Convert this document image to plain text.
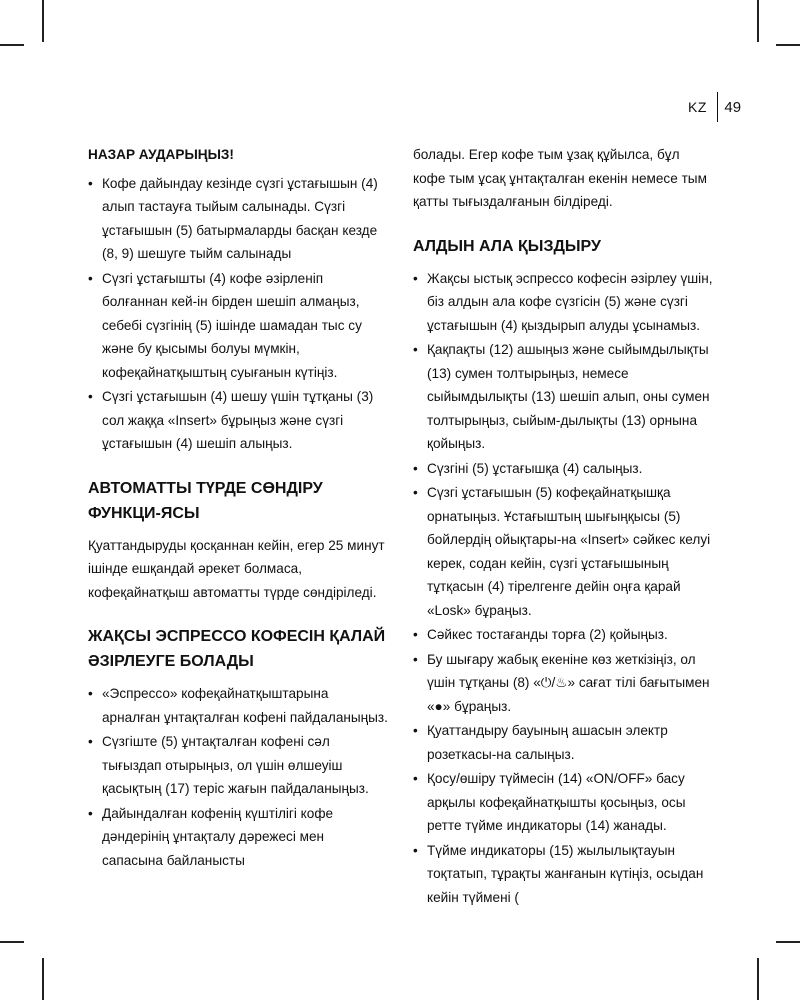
KZ 49
НАЗАР АУДАРЫҢЫЗ!
• Кофе дайындау кезінде сүзгі ұстағышын (4) алып тастауға тыйым салынады. Сүзгі ұстағышын (5) батырмаларды басқан кезде (8, 9) шешуге тыйм салынады
• Сүзгі ұстағышты (4) кофе әзірленіп болғаннан кей-ін бірден шешіп алмаңыз, себебі сүзгінің (5) ішінде шамадан тыс су және бу қысымы болуы мүмкін, кофеқайнатқыштың суығанын күтіңіз.
• Сүзгі ұстағышын (4) шешу үшін тұтқаны (3) сол жаққа «Insert» бұрыңыз және сүзгі ұстағышын (4) шешіп алыңыз.
АВТОМАТТЫ ТҮРДЕ СӨНДІРУ ФУНКЦИ-ЯСЫ

Қуаттандыруды қосқаннан кейін, егер 25 минут ішінде ешқандай әрекет болмаса, кофеқайнатқыш автоматты түрде сөндіріледі.

ЖАҚСЫ ЭСПРЕССО КОФЕСІН ҚАЛАЙ ӘЗІРЛЕУГЕ БОЛАДЫ
• «Эспрессо» кофеқайнатқыштарына арналған ұнтақталған кофені пайдаланыңыз.
• Сүзгіште (5) ұнтақталған кофені сәл тығыздап отырыңыз, ол үшін өлшеуіш қасықтың (17) теріс жағын пайдаланыңыз.
• Дайындалған кофенің күштілігі кофе дәндерінің ұнтақталу дәрежесі мен сапасына байланысты

болады. Егер кофе тым ұзақ құйылса, бұл кофе тым ұсақ ұнтақталған екенін немесе тым қатты тығыздалғанын білдіреді.

АЛДЫН АЛА ҚЫЗДЫРУ
• Жақсы ыстық эспрессо кофесін әзірлеу үшін, біз алдын ала кофе сүзгісін (5) және сүзгі ұстағышын (4) қыздырып алуды ұсынамыз.
• Қақпақты (12) ашыңыз және сыйымдылықты (13) сумен толтырыңыз, немесе сыйымдылықты (13) шешіп алып, оны сумен толтырыңыз, сыйым-дылықты (13) орнына қойыңыз.
• Сүзгіні (5) ұстағышқа (4) салыңыз.
• Сүзгі ұстағышын (5) кофеқайнатқышқа орнатыңыз. Ұстағыштың шығыңқысы (5) бойлердің ойықтары-на «Insert» сәйкес келуі керек, содан кейін, сүзгі ұстағышының тұтқасын (4) тірелгенге дейін оңға қарай «Losk» бұраңыз.
• Сәйкес тостағанды торға (2) қойыңыз.
• Бу шығару жабық екеніне көз жеткізіңіз, ол үшін тұтқаны (8) «⏻/♨» сағат тілі бағытымен «●» бұраңыз.
• Қуаттандыру бауының ашасын электр розеткасы-на салыңыз.
• Қосу/өшіру түймесін (14) «ON/OFF» басу арқылы кофеқайнатқышты қосыңыз, осы ретте түйме индикаторы (14) жанады.
• Түйме индикаторы (15) жылылықтауын тоқтатып, тұрақты жанғанын күтіңіз, осыдан кейін түймені (
